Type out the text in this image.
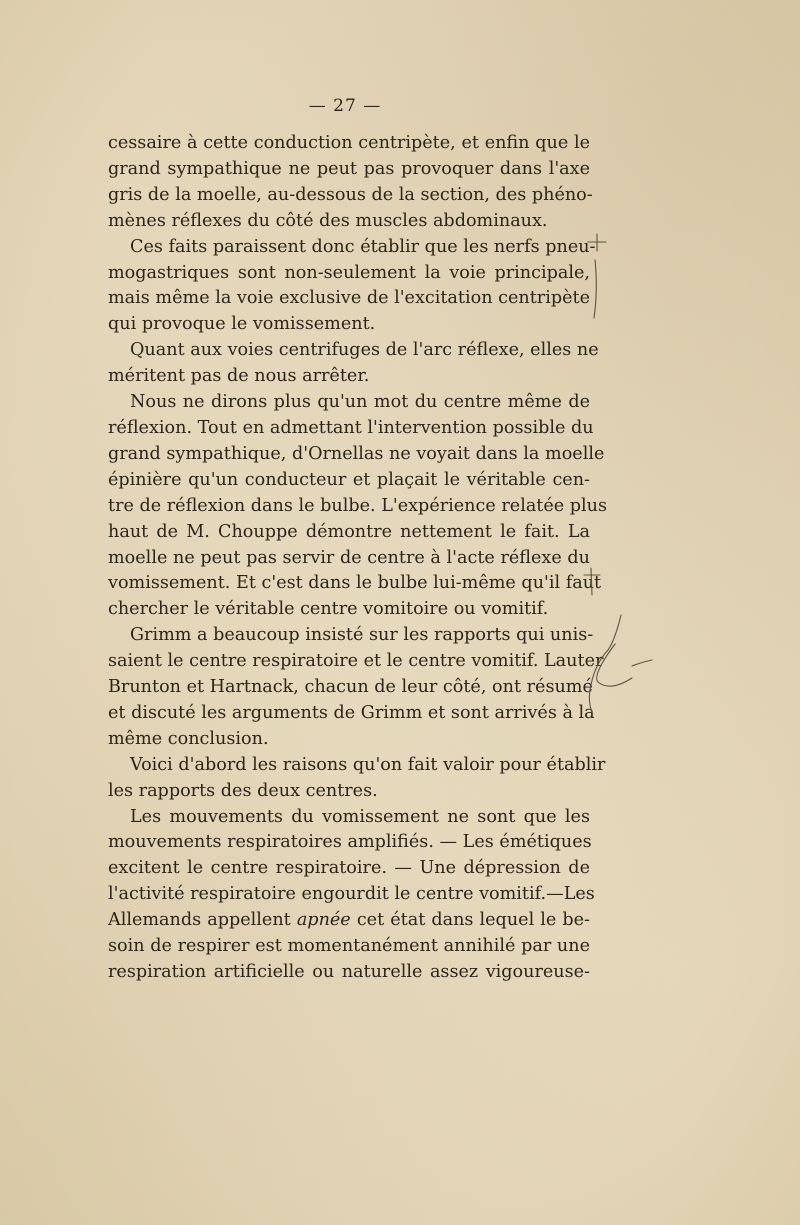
— 27 —

cessaire à cette conduction centripète, et enfin que le
grand sympathique ne peut pas provoquer dans l'axe
gris de la moelle, au-dessous de la section, des phéno-
mènes réflexes du côté des muscles abdominaux.

Ces faits paraissent donc établir que les nerfs pneu-
mogastriques sont non-seulement la voie principale,
mais même la voie exclusive de l'excitation centripète
qui provoque le vomissement.

Quant aux voies centrifuges de l'arc réflexe, elles ne
méritent pas de nous arrêter.

Nous ne dirons plus qu'un mot du centre même de
réflexion. Tout en admettant l'intervention possible du
grand sympathique, d'Ornellas ne voyait dans la moelle
épinière qu'un conducteur et plaçait le véritable cen-
tre de réflexion dans le bulbe. L'expérience relatée plus
haut de M. Chouppe démontre nettement le fait. La
moelle ne peut pas servir de centre à l'acte réflexe du
vomissement. Et c'est dans le bulbe lui-même qu'il faut
chercher le véritable centre vomitoire ou vomitif.

Grimm a beaucoup insisté sur les rapports qui unis-
saient le centre respiratoire et le centre vomitif. Lauter
Brunton et Hartnack, chacun de leur côté, ont résumé
et discuté les arguments de Grimm et sont arrivés à la
même conclusion.

Voici d'abord les raisons qu'on fait valoir pour établir
les rapports des deux centres.

Les mouvements du vomissement ne sont que les
mouvements respiratoires amplifiés. — Les émétiques
excitent le centre respiratoire. — Une dépression de
l'activité respiratoire engourdit le centre vomitif.—Les
Allemands appellent apnée cet état dans lequel le be-
soin de respirer est momentanément annihilé par une
respiration artificielle ou naturelle assez vigoureuse-
